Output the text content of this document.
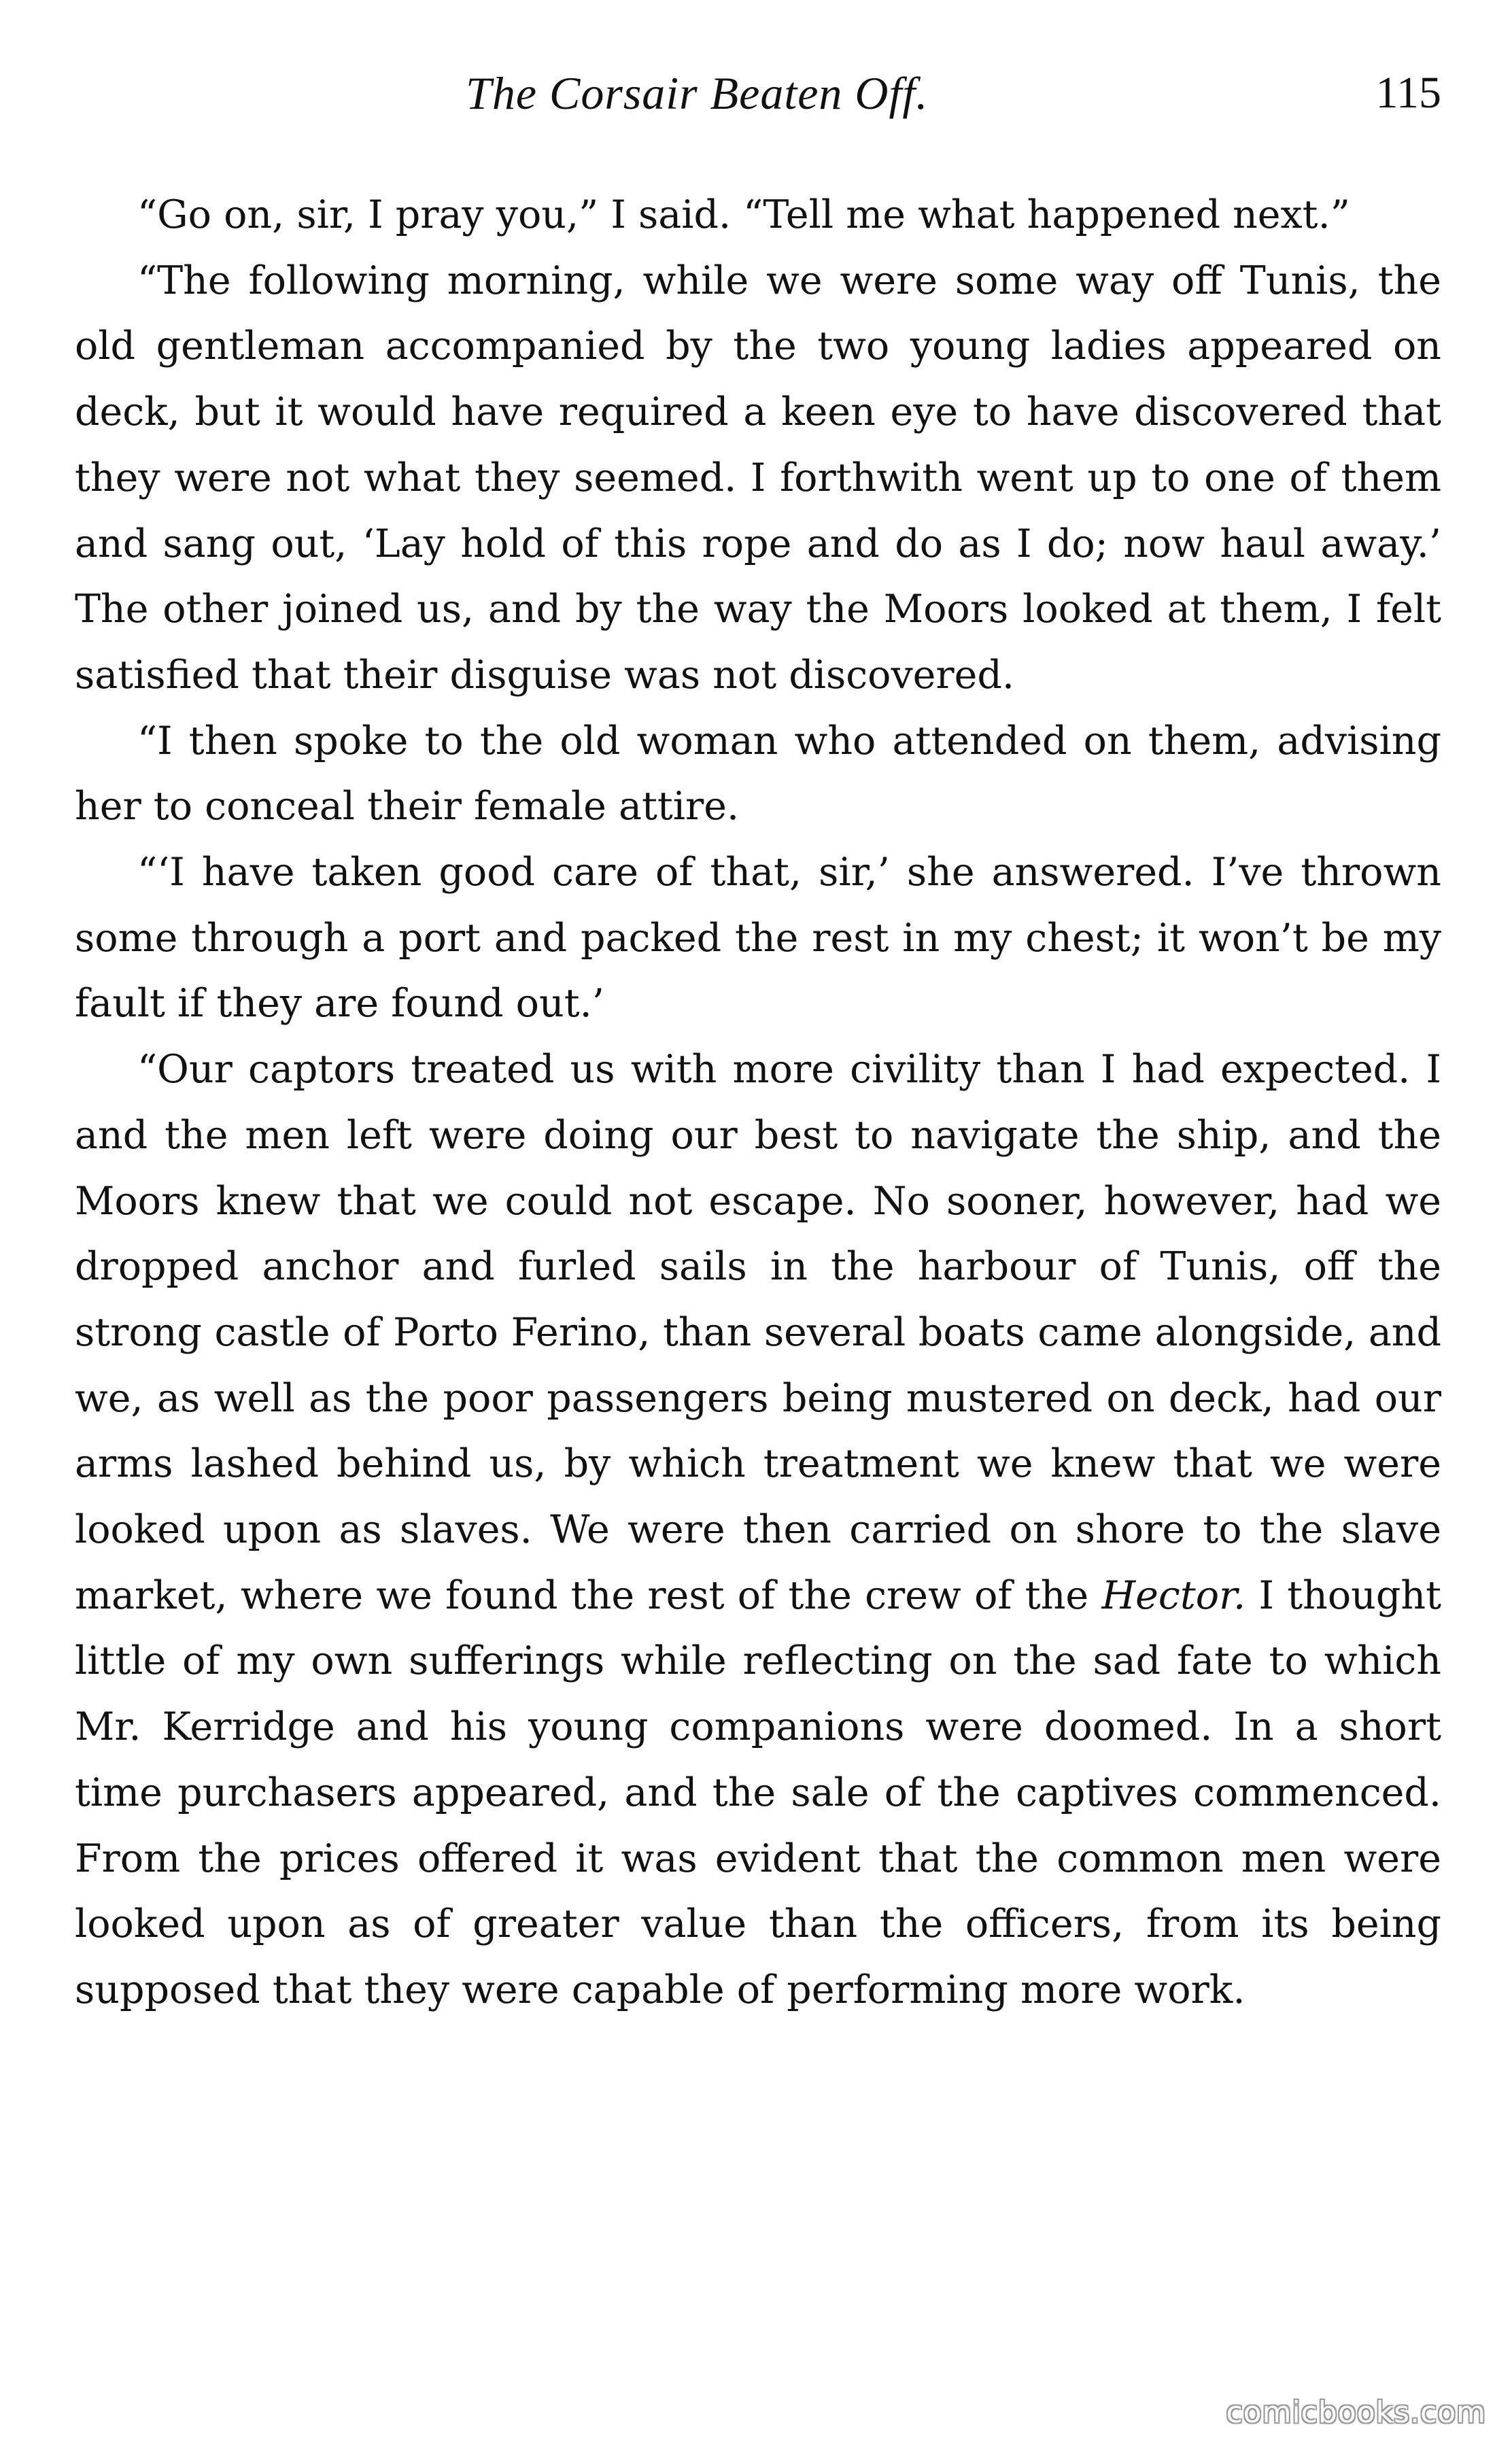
The Corsair Beaten Off.	115

“Go on, sir, I pray you,” I said. “Tell me what happened next.”

“The following morning, while we were some way off Tunis, the old gentleman accompanied by the two young ladies appeared on deck, but it would have required a keen eye to have discovered that they were not what they seemed. I forthwith went up to one of them and sang out, ‘Lay hold of this rope and do as I do; now haul away.’ The other joined us, and by the way the Moors looked at them, I felt satisfied that their disguise was not discovered.

“I then spoke to the old woman who attended on them, advising her to conceal their female attire.

“‘I have taken good care of that, sir,’ she answered. I’ve thrown some through a port and packed the rest in my chest; it won’t be my fault if they are found out.’

“Our captors treated us with more civility than I had expected. I and the men left were doing our best to navigate the ship, and the Moors knew that we could not escape. No sooner, however, had we dropped anchor and furled sails in the harbour of Tunis, off the strong castle of Porto Ferino, than several boats came alongside, and we, as well as the poor passengers being mustered on deck, had our arms lashed behind us, by which treatment we knew that we were looked upon as slaves. We were then carried on shore to the slave market, where we found the rest of the crew of the Hector. I thought little of my own sufferings while reflecting on the sad fate to which Mr. Kerridge and his young companions were doomed. In a short time purchasers appeared, and the sale of the captives commenced. From the prices offered it was evident that the common men were looked upon as of greater value than the officers, from its being supposed that they were capable of performing more work.

comicbooks.com
